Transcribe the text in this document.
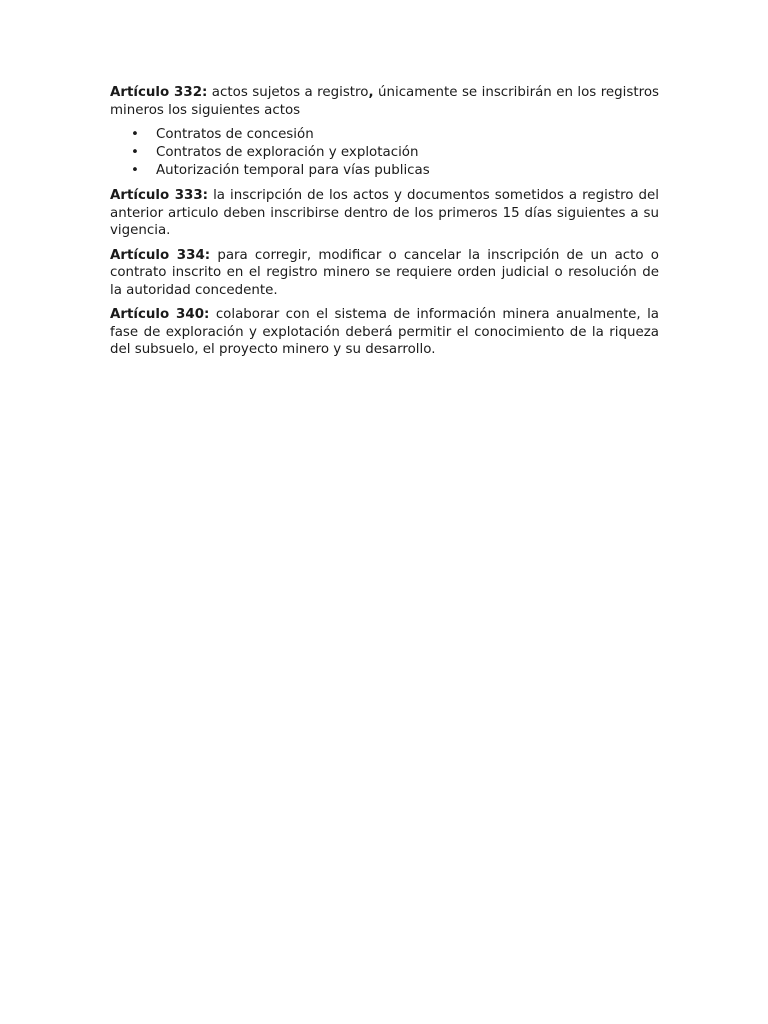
Artículo 332: actos sujetos a registro, únicamente se inscribirán en los registros mineros los siguientes actos

• Contratos de concesión
• Contratos de exploración y explotación
• Autorización temporal para vías publicas

Artículo 333: la inscripción de los actos y documentos sometidos a registro del anterior articulo deben inscribirse dentro de los primeros 15 días siguientes a su vigencia.

Artículo 334: para corregir, modificar o cancelar la inscripción de un acto o contrato inscrito en el registro minero se requiere orden judicial o resolución de la autoridad concedente.

Artículo 340: colaborar con el sistema de información minera anualmente, la fase de exploración y explotación deberá permitir el conocimiento de la riqueza del subsuelo, el proyecto minero y su desarrollo.
